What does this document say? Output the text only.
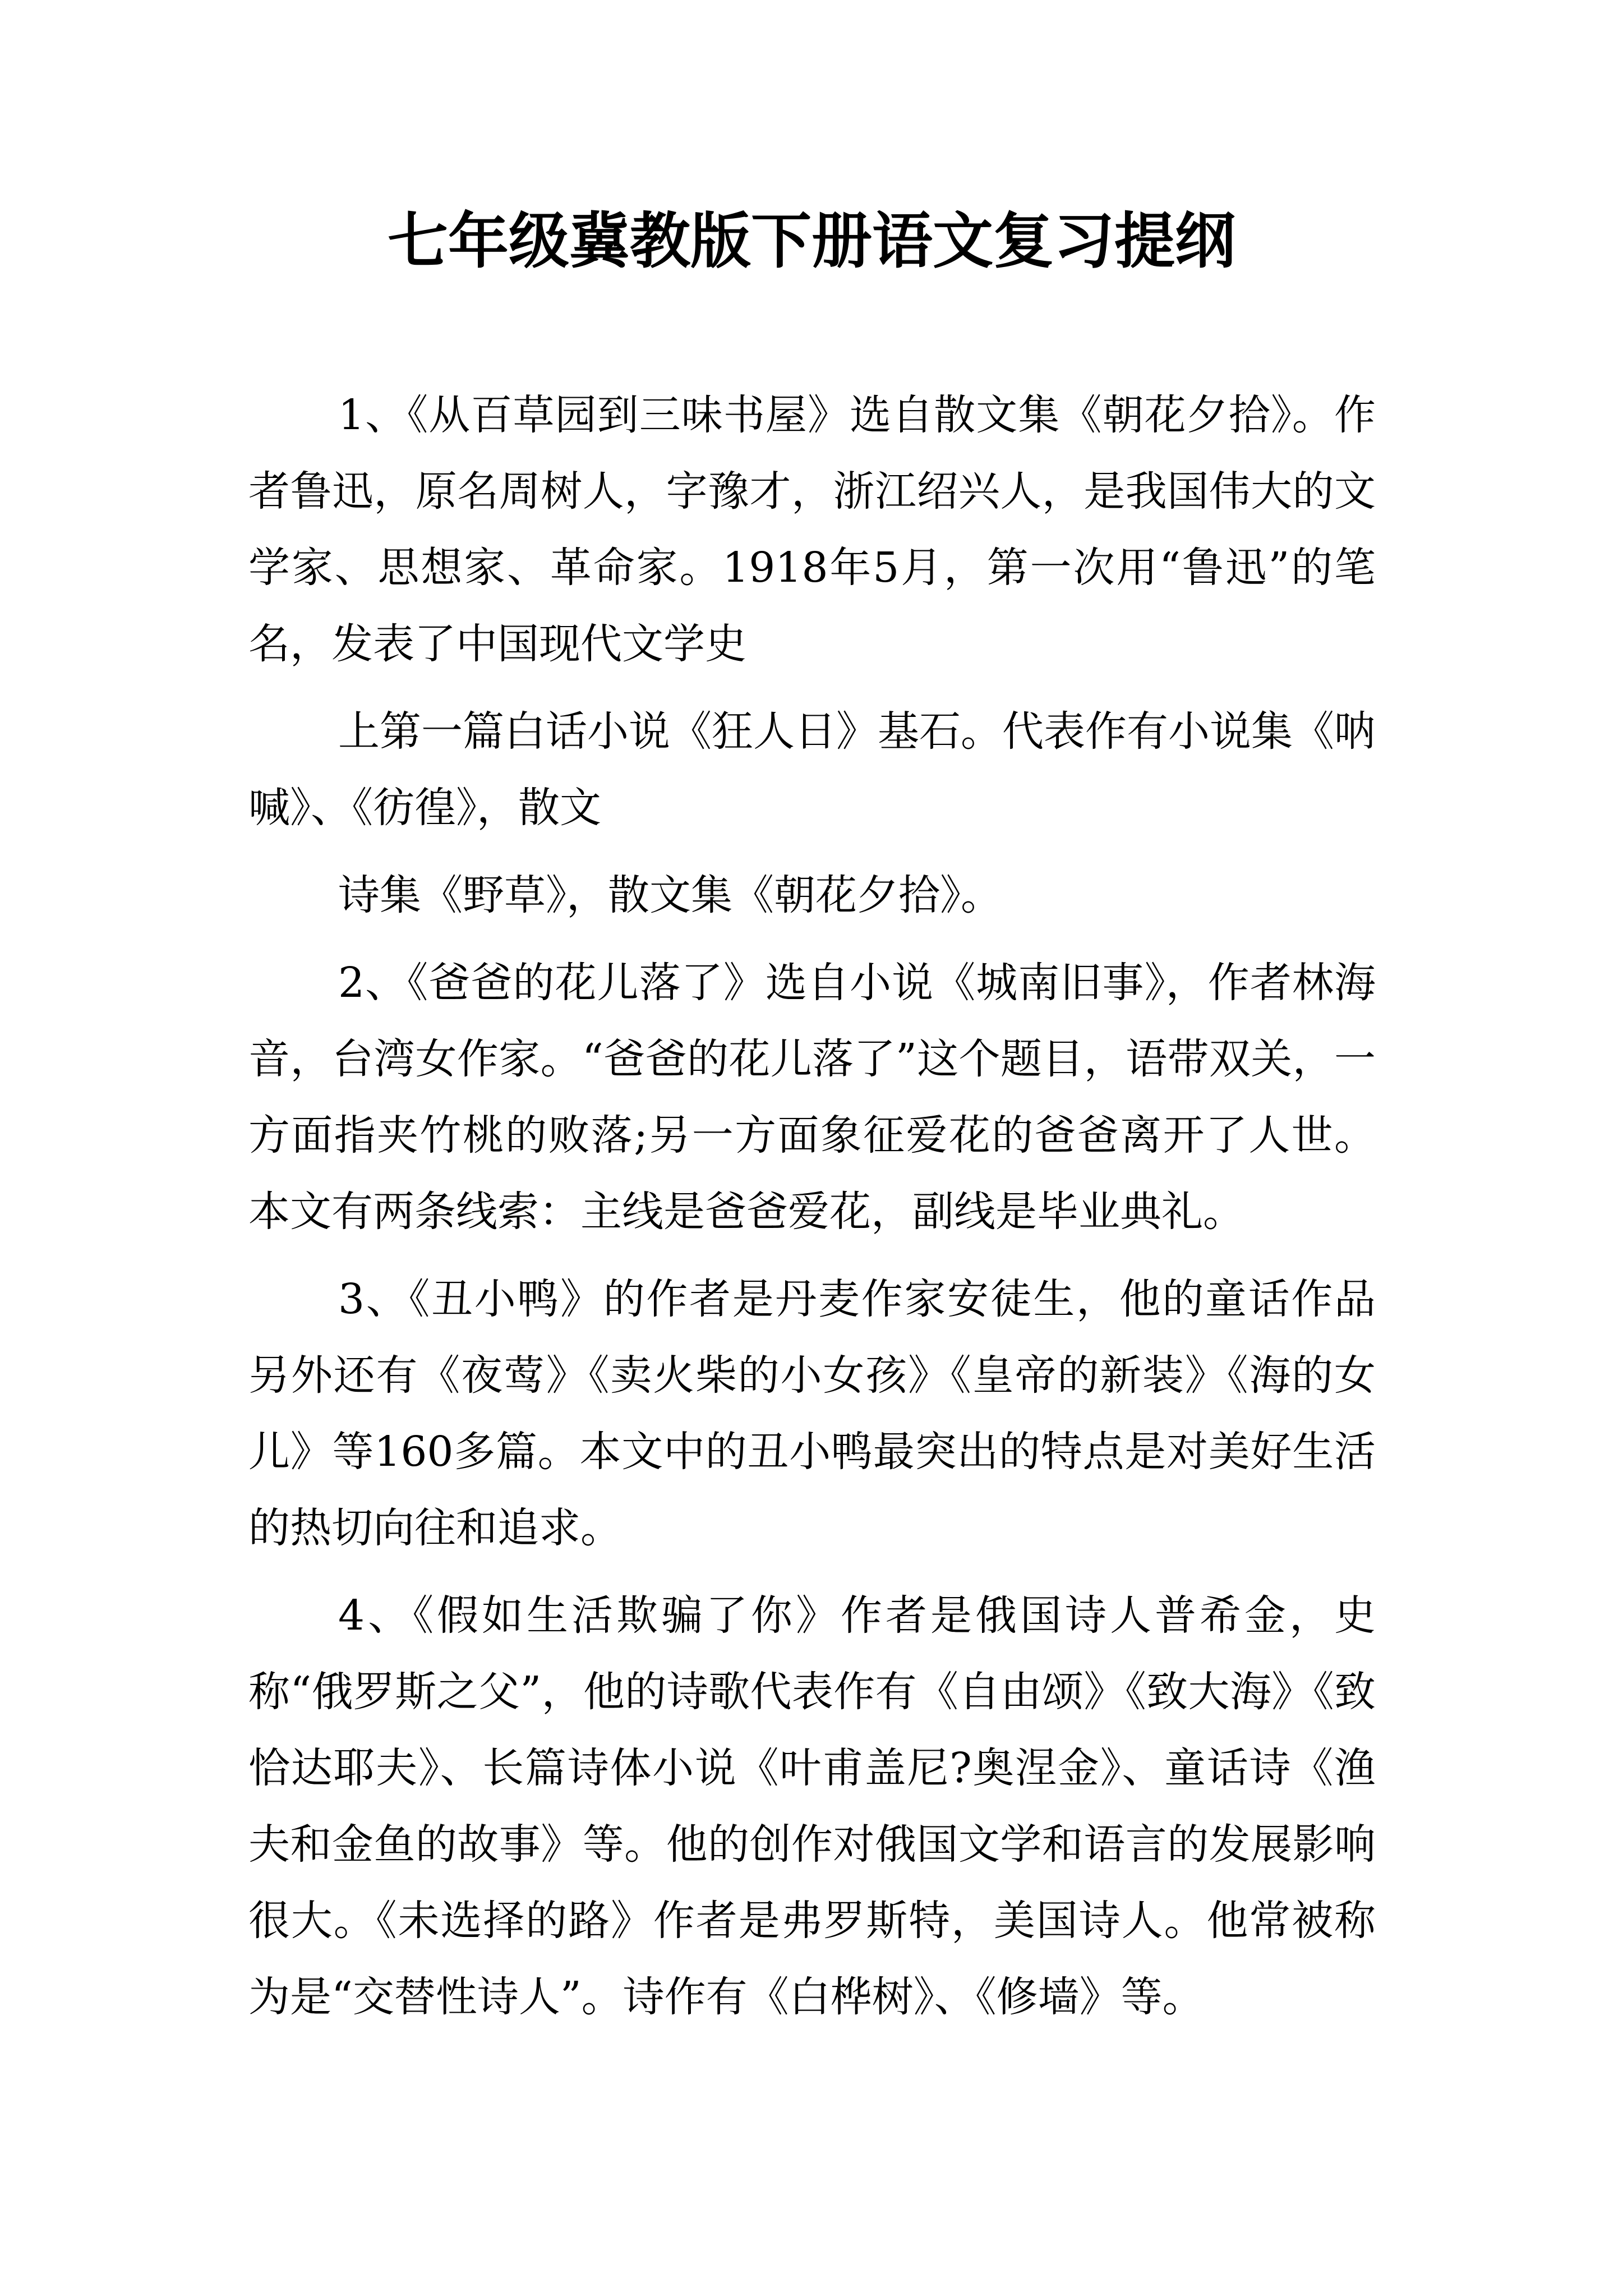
七年级冀教版下册语文复习提纲

1、《从百草园到三味书屋》选自散文集《朝花夕拾》。作者鲁迅，原名周树人，字豫才，浙江绍兴人，是我国伟大的文学家、思想家、革命家。1918年5月，第一次用“鲁迅”的笔名，发表了中国现代文学史

上第一篇白话小说《狂人日》基石。代表作有小说集《呐喊》、《彷徨》，散文

诗集《野草》，散文集《朝花夕拾》。

2、《爸爸的花儿落了》选自小说《城南旧事》，作者林海音，台湾女作家。“爸爸的花儿落了”这个题目，语带双关，一方面指夹竹桃的败落;另一方面象征爱花的爸爸离开了人世。本文有两条线索：主线是爸爸爱花，副线是毕业典礼。

3、《丑小鸭》的作者是丹麦作家安徒生，他的童话作品另外还有《夜莺》《卖火柴的小女孩》《皇帝的新装》《海的女儿》等160多篇。本文中的丑小鸭最突出的特点是对美好生活的热切向往和追求。

4、《假如生活欺骗了你》作者是俄国诗人普希金，史称“俄罗斯之父”，他的诗歌代表作有《自由颂》《致大海》《致恰达耶夫》、长篇诗体小说《叶甫盖尼?奥涅金》、童话诗《渔夫和金鱼的故事》等。他的创作对俄国文学和语言的发展影响很大。《未选择的路》作者是弗罗斯特，美国诗人。他常被称为是“交替性诗人”。诗作有《白桦树》、《修墙》等。
